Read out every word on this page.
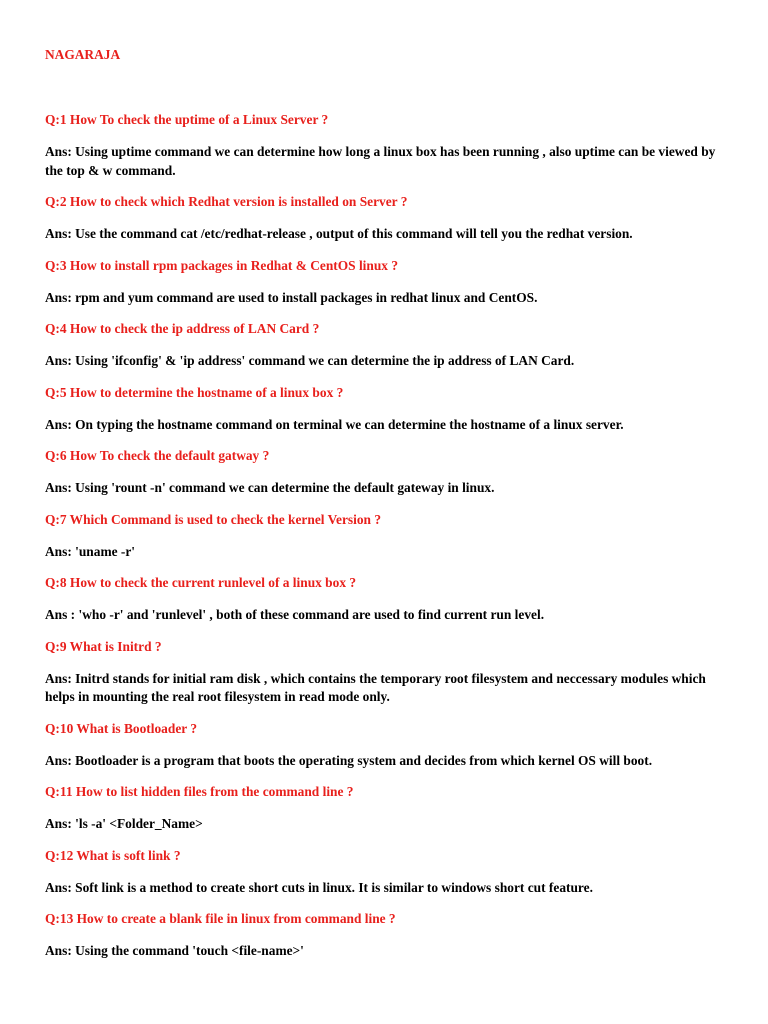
NAGARAJA
Q:1 How To check the uptime of a Linux Server ?
Ans: Using uptime command we can determine how long a linux box has been running , also uptime can be viewed by the top & w command.
Q:2 How to check which Redhat version is installed on Server ?
Ans: Use the command cat /etc/redhat-release , output of this command will tell you the redhat version.
Q:3 How to install rpm packages in Redhat & CentOS linux ?
Ans: rpm and yum command are used to install packages in redhat linux and CentOS.
Q:4 How to check the ip address of LAN Card ?
Ans: Using 'ifconfig' & 'ip address' command we can determine the ip address of LAN Card.
Q:5 How to determine the hostname of a linux box ?
Ans: On typing the hostname command on terminal we can determine the hostname of a linux server.
Q:6 How To check the default gatway ?
Ans: Using 'rount -n' command we can determine the default gateway in linux.
Q:7 Which Command is used to check the kernel Version ?
Ans: 'uname -r'
Q:8 How to check the current runlevel of a linux box ?
Ans : 'who -r' and 'runlevel' , both of these command are used to find current run level.
Q:9 What is Initrd ?
Ans: Initrd stands for initial ram disk , which contains the temporary root filesystem and neccessary modules which helps in mounting the real root filesystem in read mode only.
Q:10 What is Bootloader ?
Ans: Bootloader is a program that boots the operating system and decides from which kernel OS will boot.
Q:11 How to list hidden files from the command line ?
Ans: 'ls -a' <Folder_Name>
Q:12 What is soft link ?
Ans: Soft link is a method to create short cuts in linux. It is similar to windows short cut feature.
Q:13 How to create a blank file in linux from command line ?
Ans: Using the command 'touch <file-name>'
